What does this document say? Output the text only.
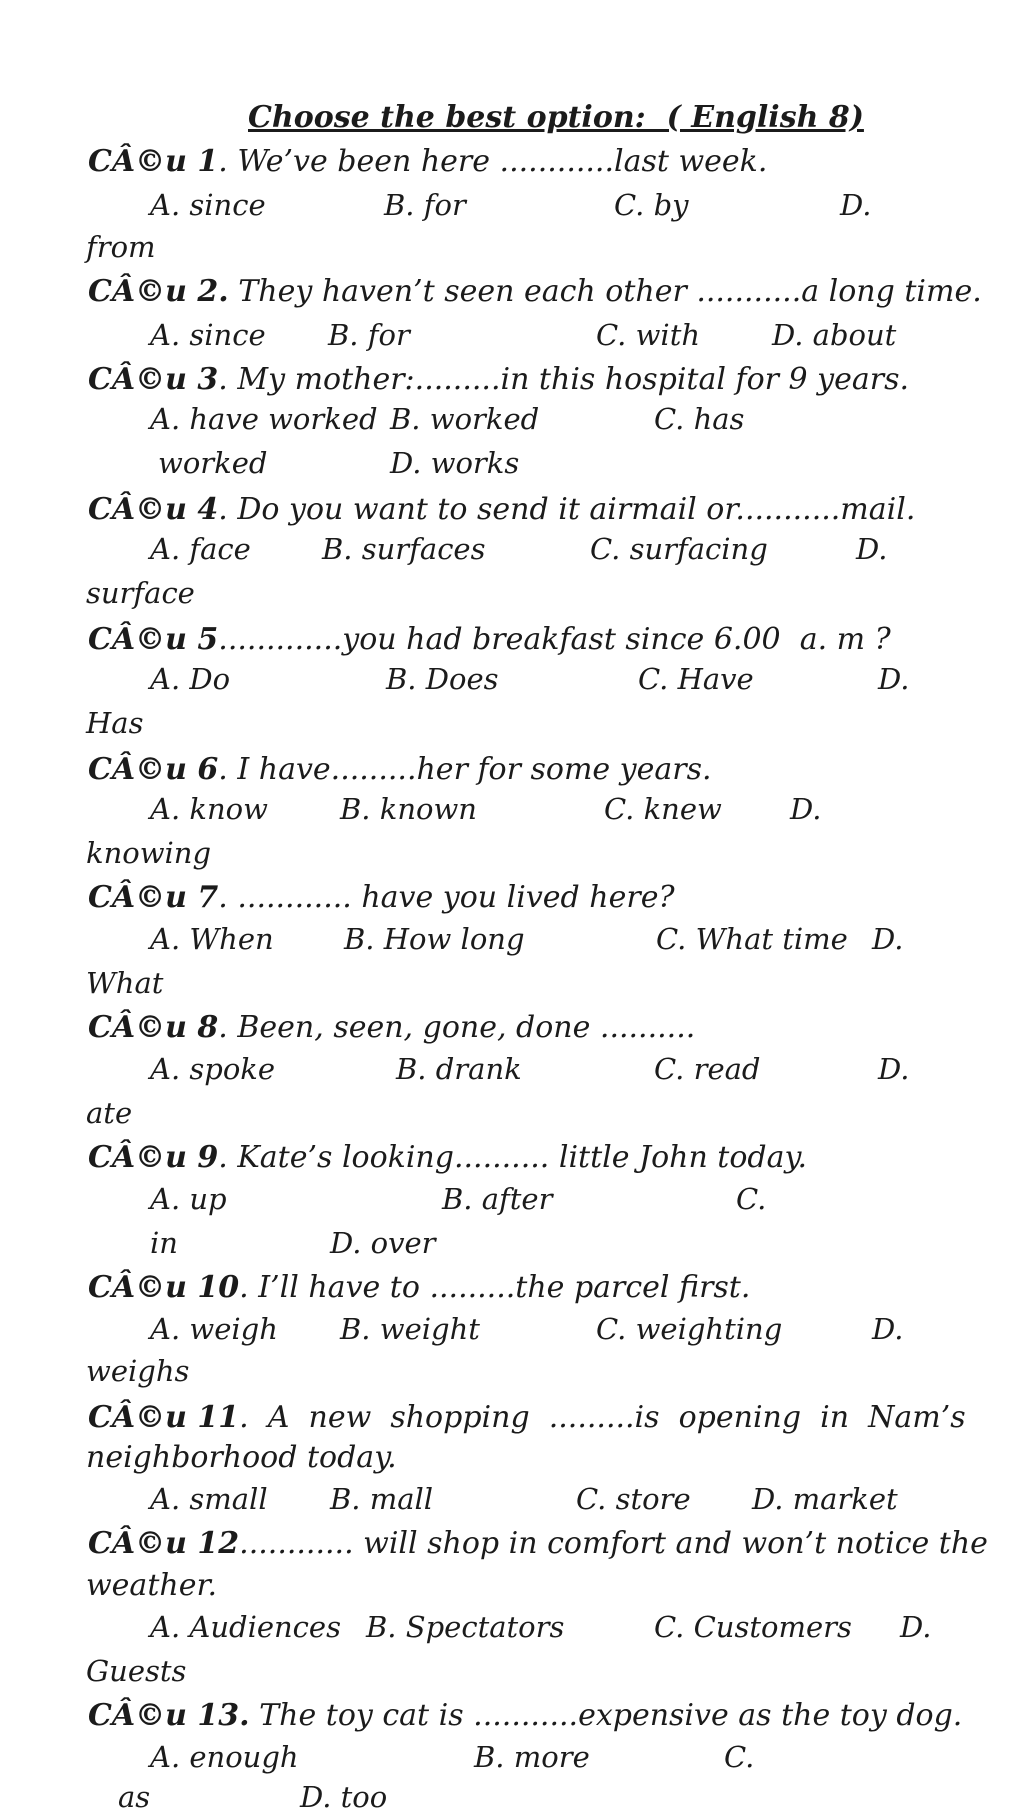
Choose the best option:  ( English 8)
CÂ©u 1. We’ve been here ............last week.
A. since	B. for	C. by	D.
from
CÂ©u 2. They haven’t seen each other ...........a long time.
A. since B. for	C. with D. about
CÂ©u 3. My mother:.........in this hospital for 9 years.
A. have worked B. worked	C. has
worked	D. works
CÂ©u 4. Do you want to send it airmail or...........mail.
A. face B. surfaces	C. surfacing	D.
surface
CÂ©u 5.............you had breakfast since 6.00  a. m ?
A. Do	B. Does	C. Have	D.
Has
CÂ©u 6. I have.........her for some years.
A. know B. known	C. knew D.
knowing
CÂ©u 7. ............ have you lived here?
A. When B. How long	C. What time D.
What
CÂ©u 8. Been, seen, gone, done ..........
A. spoke	B. drank	C. read	D.
ate
CÂ©u 9. Kate’s looking.......... little John today.
A. up	B. after	C.
in	D. over
CÂ©u 10. I’ll have to .........the parcel first.
A. weigh B. weight	C. weighting	D.
weighs
CÂ©u 11.  A  new  shopping  .........is  opening  in  Nam’s
neighborhood today.
A. small B. mall	C. store D. market
CÂ©u 12............ will shop in comfort and won’t notice the
weather.
A. Audiences B. Spectators	C. Customers D.
Guests
CÂ©u 13. The toy cat is ...........expensive as the toy dog.
A. enough	B. more	C.
as	D. too
